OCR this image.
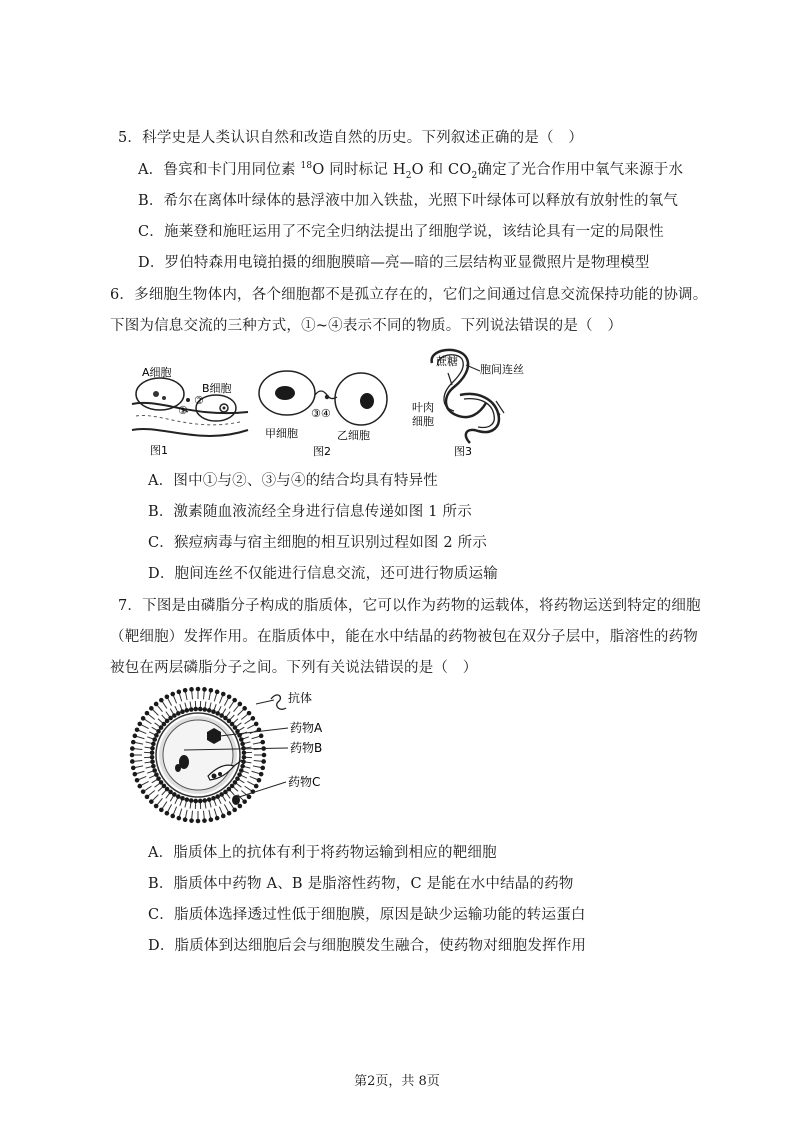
5．科学史是人类认识自然和改造自然的历史。下列叙述正确的是（　）
A．鲁宾和卡门用同位素 $^{18}$O 同时标记 $H_2O$ 和 $CO_2$确定了光合作用中氧气来源于水
B．希尔在离体叶绿体的悬浮液中加入铁盐，光照下叶绿体可以释放有放射性的氧气
C．施莱登和施旺运用了不完全归纳法提出了细胞学说，该结论具有一定的局限性
D．罗伯特森用电镜拍摄的细胞膜暗—亮—暗的三层结构亚显微照片是物理模型
6．多细胞生物体内，各个细胞都不是孤立存在的，它们之间通过信息交流保持功能的协调。
下图为信息交流的三种方式，①~④表示不同的物质。下列说法错误的是（　）
A细胞
B细胞
①
②
图1
③④
甲细胞	乙细胞
图2
蔗糖
胞间连丝
叶肉
细胞
图3
A．图中①与②、③与④的结合均具有特异性
B．激素随血液流经全身进行信息传递如图 1 所示
C．猴痘病毒与宿主细胞的相互识别过程如图 2 所示
D．胞间连丝不仅能进行信息交流，还可进行物质运输
7．下图是由磷脂分子构成的脂质体，它可以作为药物的运载体，将药物运送到特定的细胞
（靶细胞）发挥作用。在脂质体中，能在水中结晶的药物被包在双分子层中，脂溶性的药物
被包在两层磷脂分子之间。下列有关说法错误的是（　）
抗体
药物A
药物B
药物C
A．脂质体上的抗体有利于将药物运输到相应的靶细胞
B．脂质体中药物 A、B 是脂溶性药物，C 是能在水中结晶的药物
C．脂质体选择透过性低于细胞膜，原因是缺少运输功能的转运蛋白
D．脂质体到达细胞后会与细胞膜发生融合，使药物对细胞发挥作用
第2页，共 8页
